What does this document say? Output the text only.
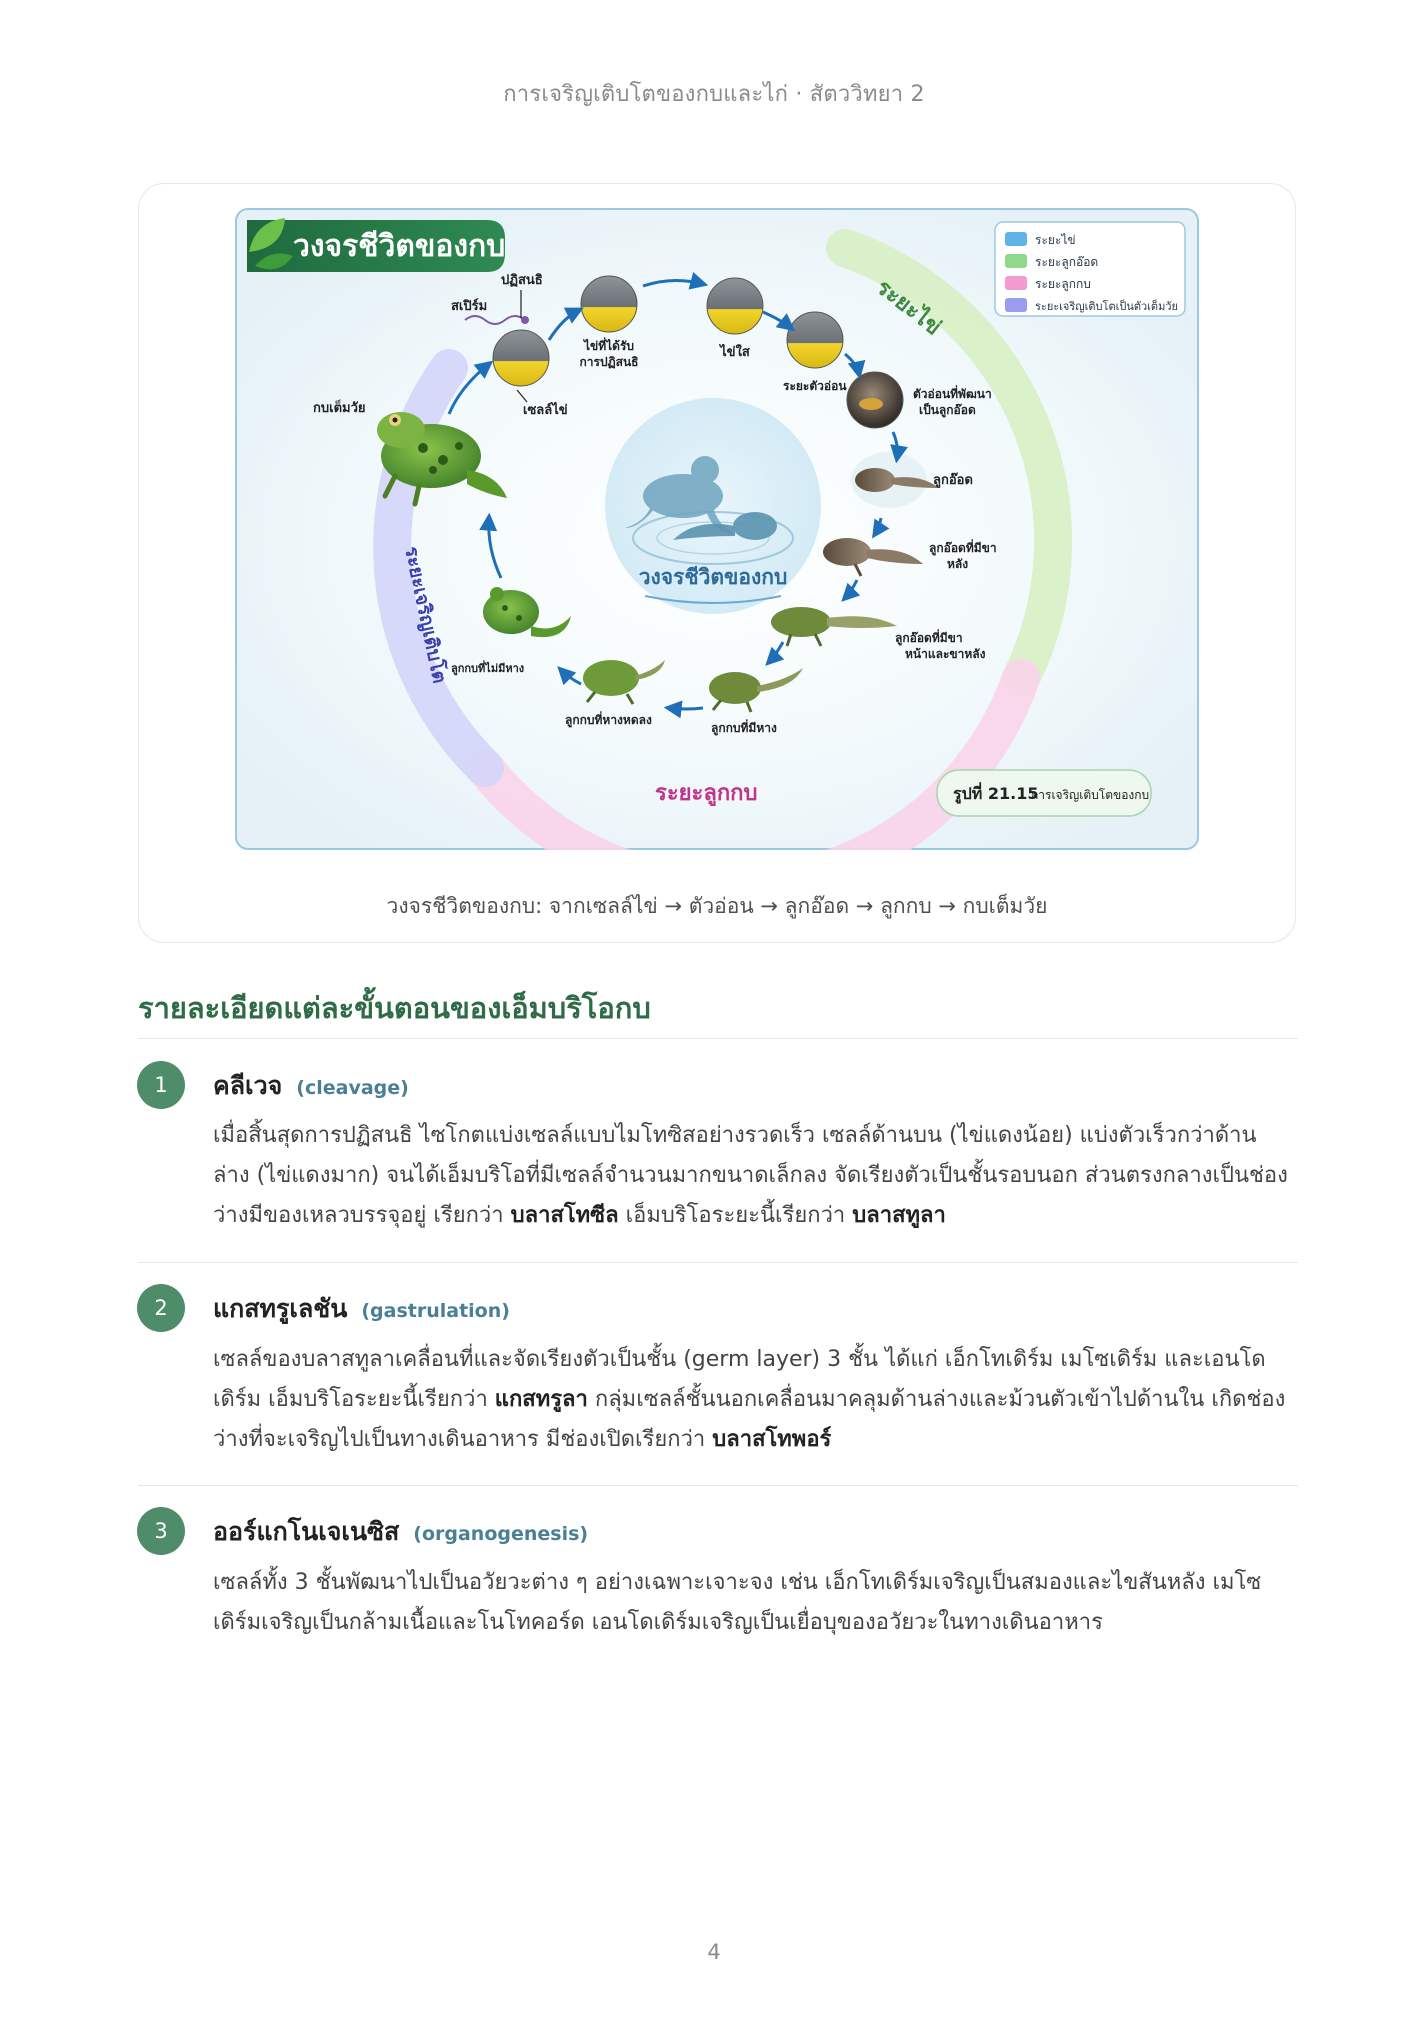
การเจริญเติบโตของกบและไก่ · สัตววิทยา 2
วงจรชีวิตของกบ
วงจรชีวิตของกบ	ระยะไข่
ระยะลูกอ๊อด
ระยะลูกกบ
ระยะเจริญเติบโตเป็นตัวเต็มวัย
ระยะไข่
ระยะลูกกบ
ระยะเจริญเติบโต
ปฏิสนธิ
สเปิร์ม
เซลล์ไข่
ไข่ที่ได้รับ
การปฏิสนธิ
ไข่ใส
ระยะตัวอ่อน
ตัวอ่อนที่พัฒนา
เป็นลูกอ๊อด
ลูกอ๊อด
ลูกอ๊อดที่มีขา
หลัง
ลูกอ๊อดที่มีขา
หน้าและขาหลัง
ลูกกบที่มีหาง
ลูกกบที่หางหดลง
ลูกกบที่ไม่มีหาง
กบเต็มวัย
รูปที่ 21.15
การเจริญเติบโตของกบ
วงจรชีวิตของกบ: จากเซลล์ไข่ → ตัวอ่อน → ลูกอ๊อด → ลูกกบ → กบเต็มวัย
รายละเอียดแต่ละขั้นตอนของเอ็มบริโอกบ
1	คลีเวจ (cleavage)
เมื่อสิ้นสุดการปฏิสนธิ ไซโกตแบ่งเซลล์แบบไมโทซิสอย่างรวดเร็ว เซลล์ด้านบน (ไข่แดงน้อย) แบ่งตัวเร็วกว่าด้านล่าง (ไข่แดงมาก) จนได้เอ็มบริโอที่มีเซลล์จำนวนมากขนาดเล็กลง จัดเรียงตัวเป็นชั้นรอบนอก ส่วนตรงกลางเป็นช่องว่างมีของเหลวบรรจุอยู่ เรียกว่า บลาสโทซีล เอ็มบริโอระยะนี้เรียกว่า บลาสทูลา
2	แกสทรูเลชัน (gastrulation)
เซลล์ของบลาสทูลาเคลื่อนที่และจัดเรียงตัวเป็นชั้น (germ layer) 3 ชั้น ได้แก่ เอ็กโทเดิร์ม เมโซเดิร์ม และเอนโดเดิร์ม เอ็มบริโอระยะนี้เรียกว่า แกสทรูลา กลุ่มเซลล์ชั้นนอกเคลื่อนมาคลุมด้านล่างและม้วนตัวเข้าไปด้านใน เกิดช่องว่างที่จะเจริญไปเป็นทางเดินอาหาร มีช่องเปิดเรียกว่า บลาสโทพอร์
3	ออร์แกโนเจเนซิส (organogenesis)
เซลล์ทั้ง 3 ชั้นพัฒนาไปเป็นอวัยวะต่าง ๆ อย่างเฉพาะเจาะจง เช่น เอ็กโทเดิร์มเจริญเป็นสมองและไขสันหลัง เมโซเดิร์มเจริญเป็นกล้ามเนื้อและโนโทคอร์ด เอนโดเดิร์มเจริญเป็นเยื่อบุของอวัยวะในทางเดินอาหาร
4
